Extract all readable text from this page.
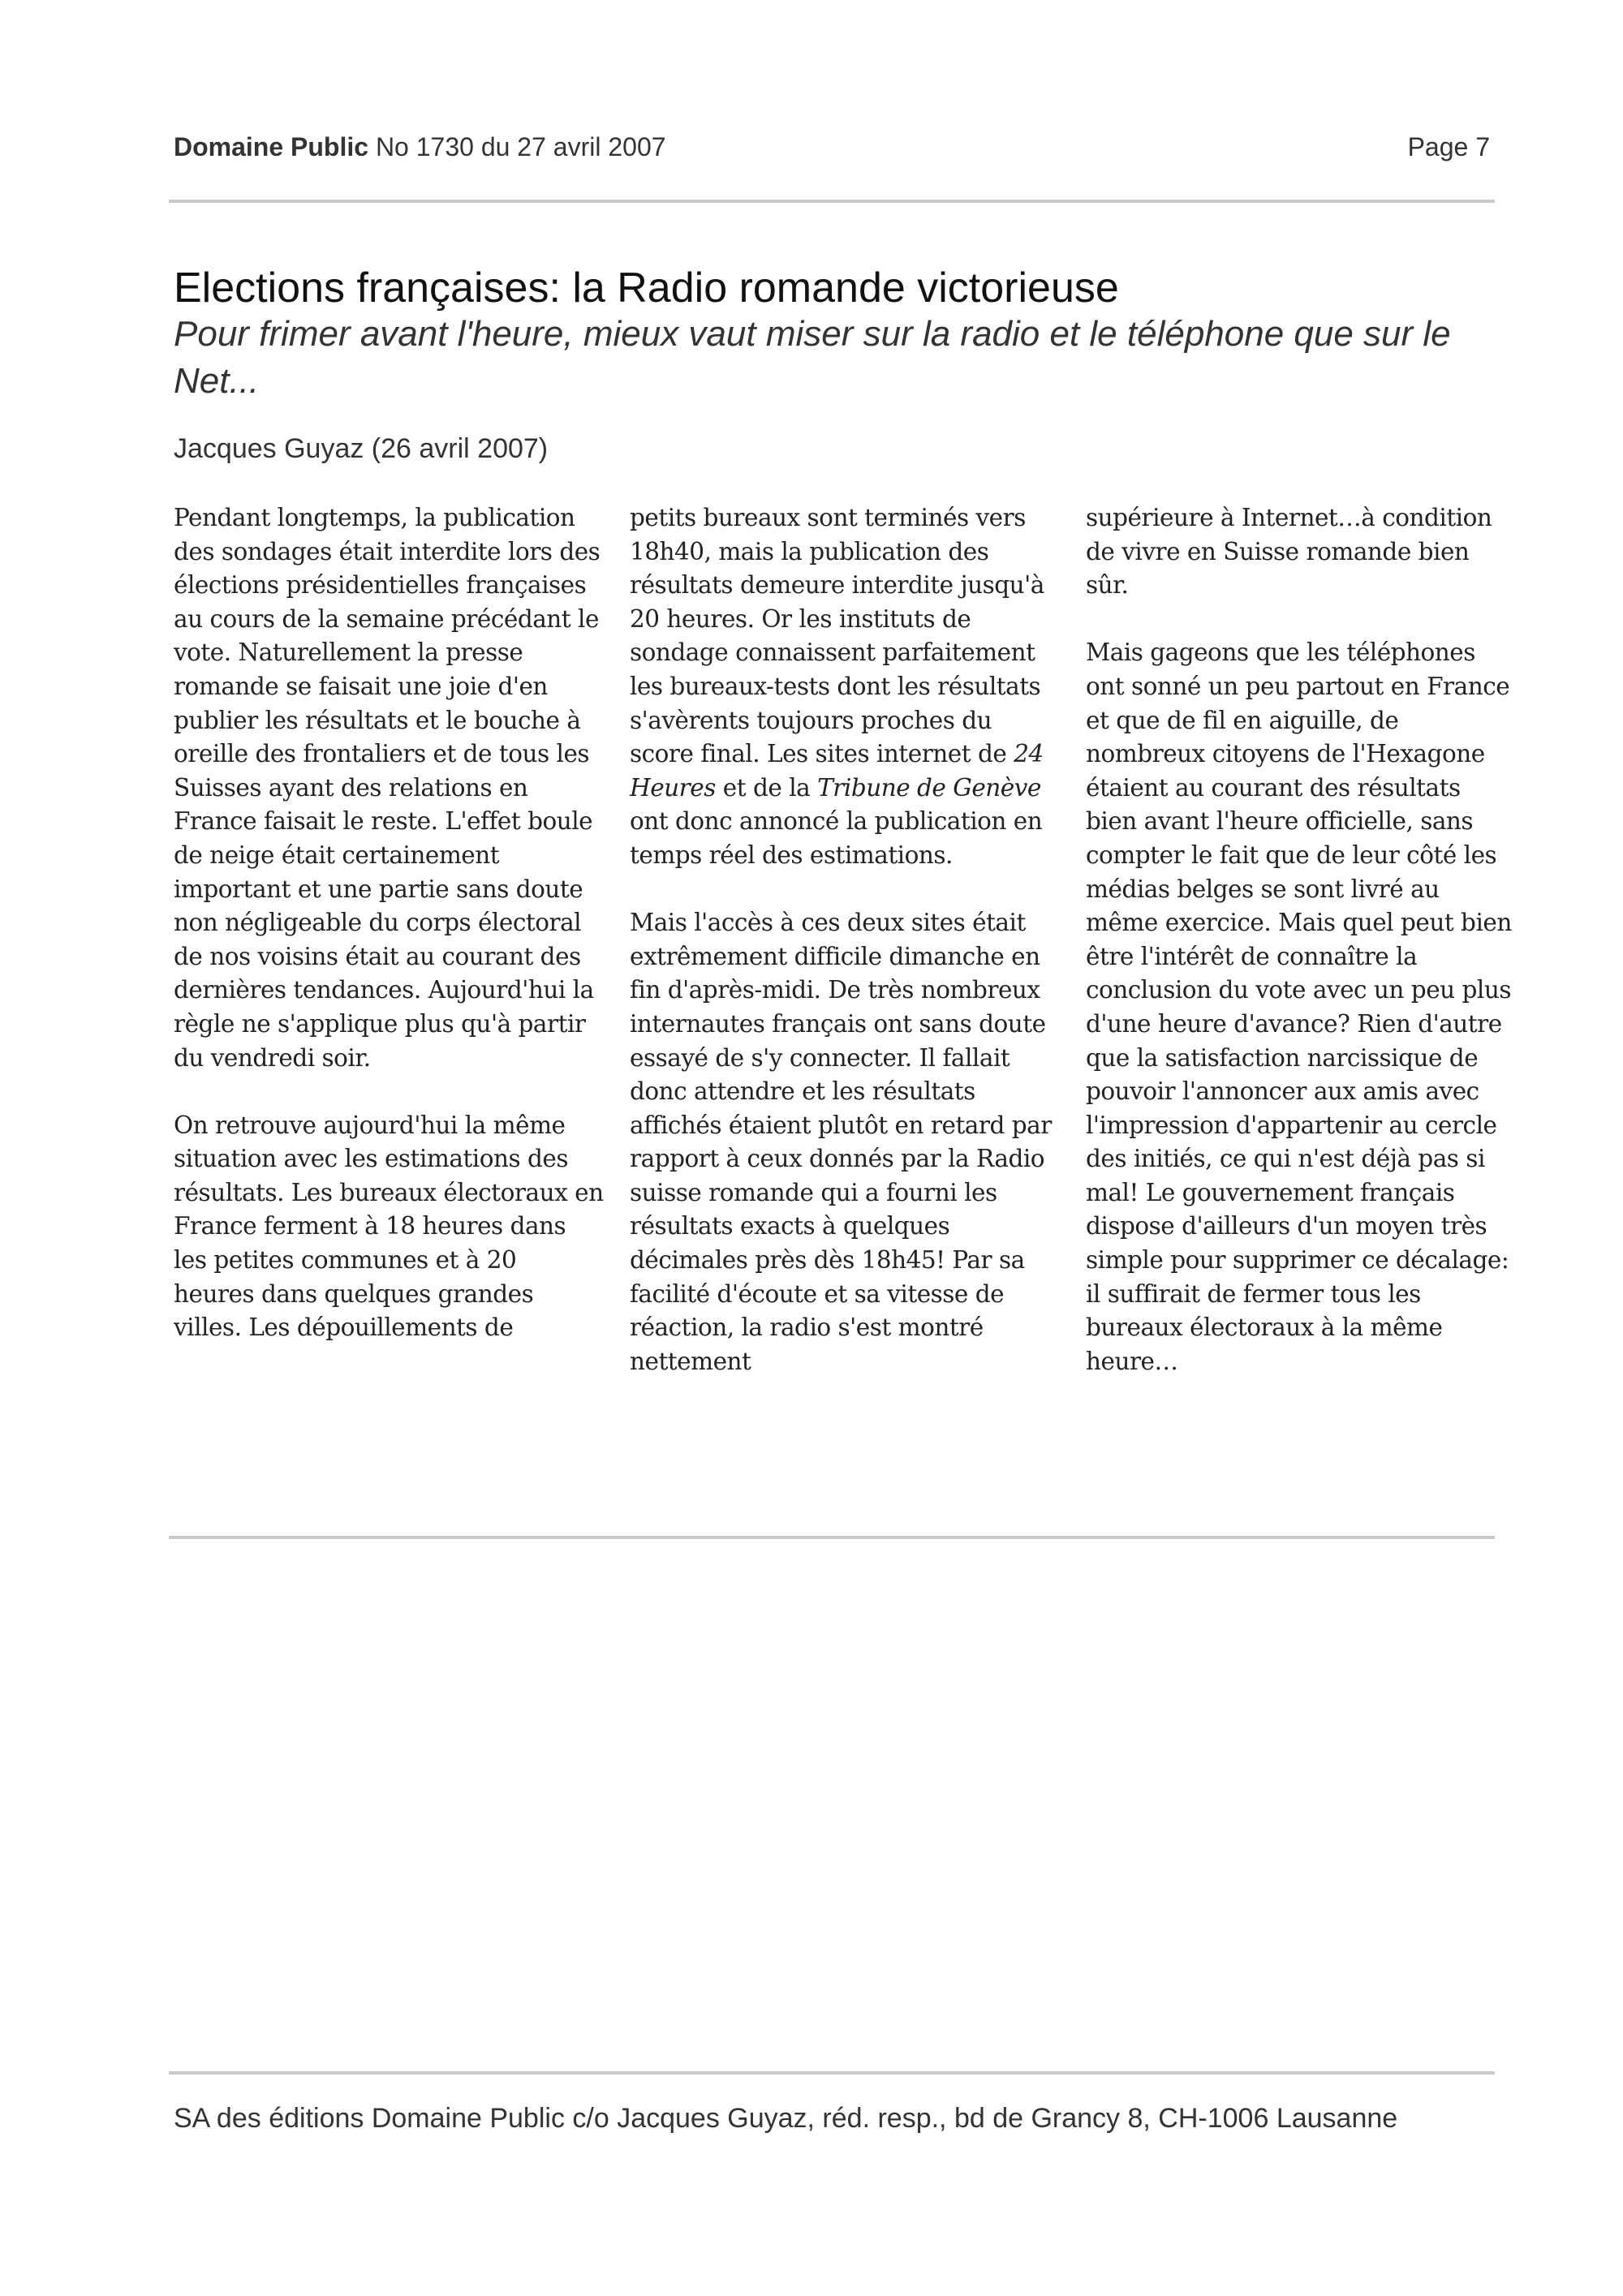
Domaine Public No 1730 du 27 avril 2007	Page 7
Elections françaises: la Radio romande victorieuse

Pour frimer avant l'heure, mieux vaut miser sur la radio et le téléphone que sur le Net...

Jacques Guyaz (26 avril 2007)

Pendant longtemps, la publication des sondages était interdite lors des élections présidentielles françaises au cours de la semaine précédant le vote. Naturellement la presse romande se faisait une joie d'en publier les résultats et le bouche à oreille des frontaliers et de tous les Suisses ayant des relations en France faisait le reste. L'effet boule de neige était certainement important et une partie sans doute non négligeable du corps électoral de nos voisins était au courant des dernières tendances. Aujourd'hui la règle ne s'applique plus qu'à partir du vendredi soir.

On retrouve aujourd'hui la même situation avec les estimations des résultats. Les bureaux électoraux en France ferment à 18 heures dans les petites communes et à 20 heures dans quelques grandes villes. Les dépouillements de

petits bureaux sont terminés vers 18h40, mais la publication des résultats demeure interdite jusqu'à 20 heures. Or les instituts de sondage connaissent parfaitement les bureaux-tests dont les résultats s'avèrents toujours proches du score final. Les sites internet de 24 Heures et de la Tribune de Genève ont donc annoncé la publication en temps réel des estimations.

Mais l'accès à ces deux sites était extrêmement difficile dimanche en fin d'après-midi. De très nombreux internautes français ont sans doute essayé de s'y connecter. Il fallait donc attendre et les résultats affichés étaient plutôt en retard par rapport à ceux donnés par la Radio suisse romande qui a fourni les résultats exacts à quelques décimales près dès 18h45! Par sa facilité d'écoute et sa vitesse de réaction, la radio s'est montré nettement

supérieure à Internet…à condition de vivre en Suisse romande bien sûr.

Mais gageons que les téléphones ont sonné un peu partout en France et que de fil en aiguille, de nombreux citoyens de l'Hexagone étaient au courant des résultats bien avant l'heure officielle, sans compter le fait que de leur côté les médias belges se sont livré au même exercice. Mais quel peut bien être l'intérêt de connaître la conclusion du vote avec un peu plus d'une heure d'avance? Rien d'autre que la satisfaction narcissique de pouvoir l'annoncer aux amis avec l'impression d'appartenir au cercle des initiés, ce qui n'est déjà pas si mal! Le gouvernement français dispose d'ailleurs d'un moyen très simple pour supprimer ce décalage: il suffirait de fermer tous les bureaux électoraux à la même heure…

SA des éditions Domaine Public c/o Jacques Guyaz, réd. resp., bd de Grancy 8, CH-1006 Lausanne
